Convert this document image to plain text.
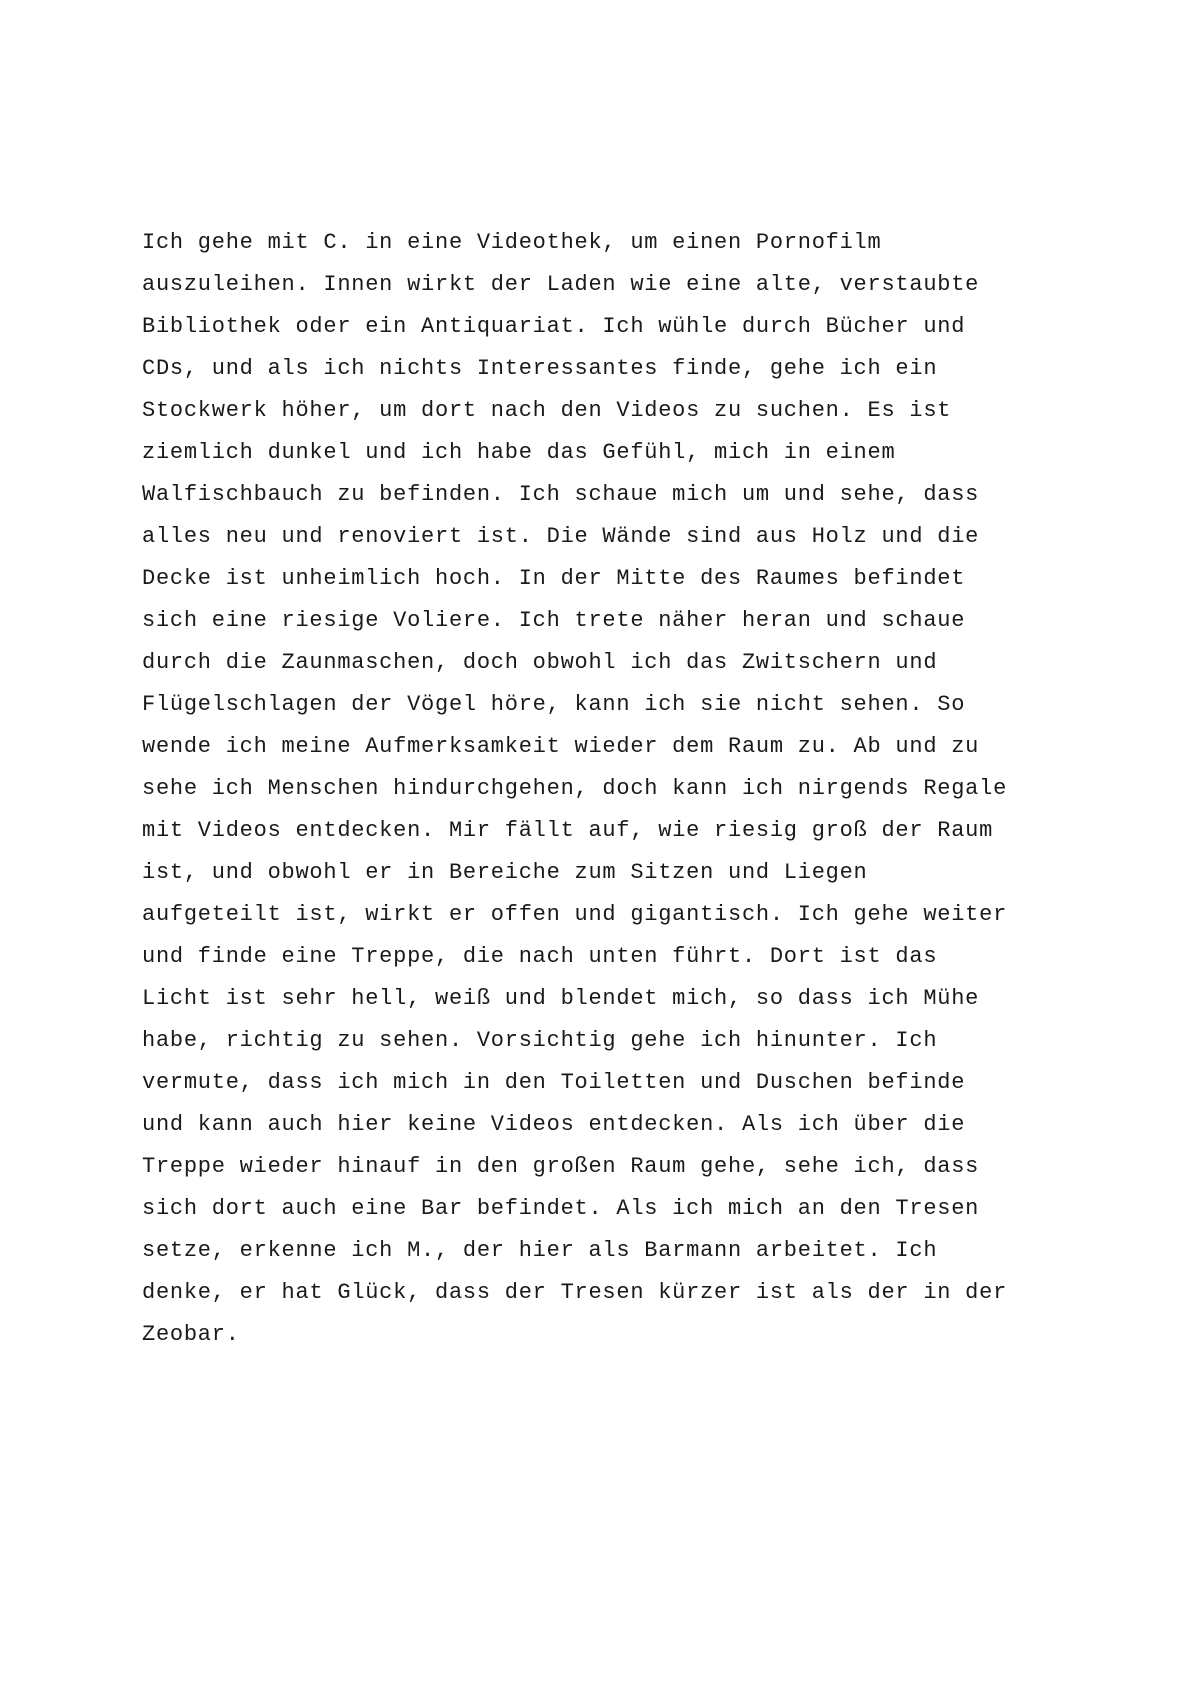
Ich gehe mit C. in eine Videothek, um einen Pornofilm
auszuleihen. Innen wirkt der Laden wie eine alte, verstaubte
Bibliothek oder ein Antiquariat. Ich wühle durch Bücher und
CDs, und als ich nichts Interessantes finde, gehe ich ein
Stockwerk höher, um dort nach den Videos zu suchen. Es ist
ziemlich dunkel und ich habe das Gefühl, mich in einem
Walfischbauch zu befinden. Ich schaue mich um und sehe, dass
alles neu und renoviert ist. Die Wände sind aus Holz und die
Decke ist unheimlich hoch. In der Mitte des Raumes befindet
sich eine riesige Voliere. Ich trete näher heran und schaue
durch die Zaunmaschen, doch obwohl ich das Zwitschern und
Flügelschlagen der Vögel höre, kann ich sie nicht sehen. So
wende ich meine Aufmerksamkeit wieder dem Raum zu. Ab und zu
sehe ich Menschen hindurchgehen, doch kann ich nirgends Regale
mit Videos entdecken. Mir fällt auf, wie riesig groß der Raum
ist, und obwohl er in Bereiche zum Sitzen und Liegen
aufgeteilt ist, wirkt er offen und gigantisch. Ich gehe weiter
und finde eine Treppe, die nach unten führt. Dort ist das
Licht ist sehr hell, weiß und blendet mich, so dass ich Mühe
habe, richtig zu sehen. Vorsichtig gehe ich hinunter. Ich
vermute, dass ich mich in den Toiletten und Duschen befinde
und kann auch hier keine Videos entdecken. Als ich über die
Treppe wieder hinauf in den großen Raum gehe, sehe ich, dass
sich dort auch eine Bar befindet. Als ich mich an den Tresen
setze, erkenne ich M., der hier als Barmann arbeitet. Ich
denke, er hat Glück, dass der Tresen kürzer ist als der in der
Zeobar.
